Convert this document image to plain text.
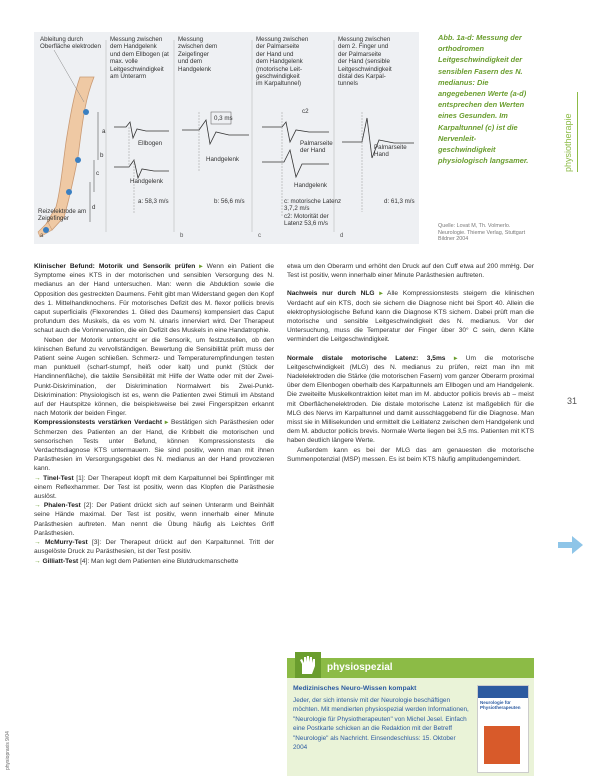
Ableitung durch
Oberfläche elektroden
Messung zwischen
dem Handgelenk
und dem Ellbogen (at
max. volle
Leitgeschwindigkeit
am Unterarm
Messung
zwischen dem
Zeigefinger
und dem
Handgelenk
Messung zwischen
der Palmarseite
der Hand und
dem Handgelenk
(motorische Leit-
geschwindigkeit
im Karpaltunnel)
Messung zwischen
dem 2. Finger und
der Palmarseite
der Hand (sensible
Leitgeschwindigkeit
distal des Karpal-
tunnels
Reizelektrode am
Zeigefinger
a
b
c
d
Ellbogen
Handgelenk
Handgelenk
Handgelenk
Palmarseite
der Hand	Palmarseite
Hand
0,3 ms
c2
a: 58,3 m/s	b: 56,6 m/s	c: motorische Latenz
3,7,2 m/s
c2: Motorität der
Latenz 53,6 m/s
d: 61,3 m/s
a	b	c	d
Abb. 1a-d: Messung der orthodromen Leitgeschwindigkeit der sensiblen Fasern des N. medianus: Die angegebenen Werte (a-d) entsprechen den Werten eines Gesunden. Im Karpaltunnel (c) ist die Nervenleit-geschwindigkeit physiologisch langsamer.
Quelle: Lovat M, Th. Volmerlo. Neurologie. Thieme Verlag, Stuttgart Bildner 2004
physiotherapie

Klinischer Befund: Motorik und Sensorik prüfen ▸ Wenn ein Patient die Symptome eines KTS in der motorischen und sensiblen Versorgung des N. medianus an der Hand untersuchen. Man: wenn die Abduktion sowie die Opposition des gestreckten Daumens. Fehlt gibt man Widerstand gegen den Kopf des 1. Mittelhandknochens. Für motorisches Defizit des M. flexor pollicis brevis caput superficialis (Flexorendes 1. Glied des Daumens) kompensiert das Caput profundum des Muskels, da es vom N. ulnaris innerviert wird. Der Therapeut schaut auch die Vorinnervation, die ein Defizit des Muskels in eine Handatrophie.

Neben der Motorik untersucht er die Sensorik, um festzustellen, ob den klinischen Befund zu vervollständigen. Bewertung die Sensibilität prüft muss der Patient seine Augen schließen. Schmerz- und Temperaturempfindungen testen man punktuell (scharf-stumpf, heiß oder kalt) und punkt (Stück der Handinnenfläche), die taktile Sensibilität mit Hilfe der Watte oder mit der Zwei-Punkt-Diskrimination, der Diskrimination Normalwert bis Zwei-Punkt-Diskrimination: Physiologisch ist es, wenn die Patienten zwei Stimuli im Abstand auf der Hautspitze können, die beispielsweise bei zwei Fingerspitzen erkannt nach Motorik der beiden Finger.

Kompressionstests verstärken Verdacht ▸ Bestätigen sich Parästhesien oder Schmerzen des Patienten an der Hand, die Kribbelt die motorischen und sensorischen Tests unter Befund, können Kompressionstests die Verdachtsdiagnose KTS untermauern. Sie sind positiv, wenn man mit ihnen Parästhesien im Versorgungsgebiet des N. medianus an der Hand provozieren kann.

→ Tinel-Test [1]: Der Therapeut klopft mit dem Karpaltunnel bei Splintfinger mit einem Reflexhammer. Der Test ist positiv, wenn das Klopfen die Parästhesie auslöst.

→ Phalen-Test [2]: Der Patient drückt sich auf seinen Unterarm und Beinhält seine Hände maximal. Der Test ist positiv, wenn innerhalb einer Minute Parästhesien auftreten. Man nennt die Übung häufig als Leichtes Griff Parästhesien.

→ McMurry-Test [3]: Der Therapeut drückt auf den Karpaltunnel. Tritt der ausgelöste Druck zu Parästhesien, ist der Test positiv.

→ Gilliatt-Test [4]: Man legt dem Patienten eine Blutdruckmanschette

etwa um den Oberarm und erhöht den Druck auf den Cuff etwa auf 200 mmHg. Der Test ist positiv, wenn innerhalb einer Minute Parästhesien auftreten.

Nachweis nur durch NLG ▸ Alle Kompressionstests steigern die klinischen Verdacht auf ein KTS, doch sie sichern die Diagnose nicht bei Sport 40. Allein die elektrophysiologische Befund kann die Diagnose KTS sichern. Dabei prüft man die motorische und sensible Leitgeschwindigkeit des N. medianus. Vor der Untersuchung, muss die Temperatur der Finger über 30° C sein, denn Kälte vermindert die Leitgeschwindigkeit.

Normale distale motorische Latenz: 3,5ms ▸ Um die motorische Leitgeschwindigkeit (MLG) des N. medianus zu prüfen, reizt man ihn mit Nadelelektroden die Stärke (die motorischen Fasern) vom ganzer Oberarm proximal über dem Ellenbogen oberhalb des Karpaltunnels am Ellbogen und am Handgelenk. Die zweiteilte Muskelkontraktion leitet man im M. abductor pollicis brevis ab – meist mit Oberflächenelektroden. Die distale motorische Latenz ist maßgeblich für die MLG des Nervs im Karpaltunnel und damit ausschlaggebend für die Diagnose. Man misst sie in Millisekunden und ermittelt die Leitlatenz zwischen dem Handgelenk und dem M. abductor pollicis brevis. Normale Werte liegen bei 3,5 ms. Patienten mit KTS haben deutlich längere Werte.

Außerdem kann es bei der MLG das am genauesten die motorische Summenpotenzial (MSP) messen. Es ist beim KTS häufig amplitudengemindert.

31
physiopraxis 9/04
physiospezial
Medizinisches Neuro-Wissen kompakt
Jeder, der sich intensiv mit der Neurologie beschäftigen möchten. Mit mendierten physiospezial werden Informationen, "Neurologie für Physiotherapeuten" von Michel Jesel. Einfach eine Postkarte schicken an die Redaktion mit der Betreff "Neurologie" als Nachricht. Einsendeschluss: 15. Oktober 2004
Neurologie für Physiotherapeuten
